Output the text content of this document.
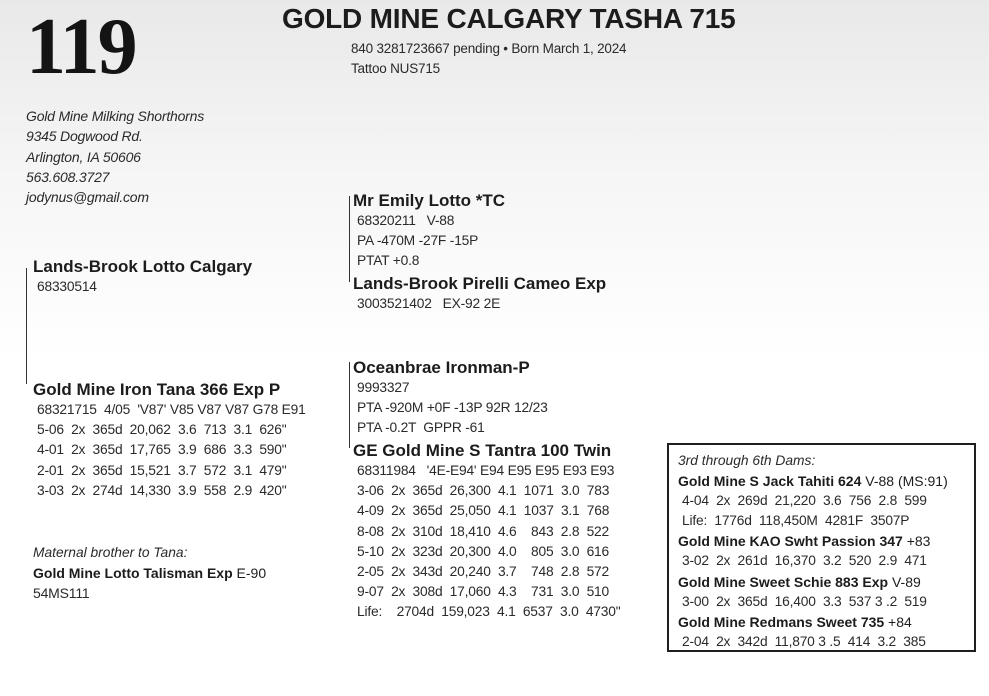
119	GOLD MINE CALGARY TASHA 715
840 3281723667 pending • Born March 1, 2024
Tattoo NUS715
Gold Mine Milking Shorthorns
9345 Dogwood Rd.
Arlington, IA 50606
563.608.3727
jodynus@gmail.com
Lands-Brook Lotto Calgary
68330514
Mr Emily Lotto *TC
68320211   V-88
PA -470M -27F -15P
PTAT +0.8
Lands-Brook Pirelli Cameo Exp
3003521402   EX-92 2E
Gold Mine Iron Tana 366 Exp P
68321715  4/05  'V87' V85 V87 V87 G78 E91
5-06  2x  365d  20,062  3.6  713  3.1  626"
4-01  2x  365d  17,765  3.9  686  3.3  590"
2-01  2x  365d  15,521  3.7  572  3.1  479"
3-03  2x  274d  14,330  3.9  558  2.9  420"
Oceanbrae Ironman-P
9993327
PTA -920M +0F -13P 92R 12/23
PTA -0.2T  GPPR -61
GE Gold Mine S Tantra 100 Twin
68311984   '4E-E94' E94 E95 E95 E93 E93
3-06  2x  365d  26,300  4.1  1071  3.0  783
4-09  2x  365d  25,050  4.1  1037  3.1  768
8-08  2x  310d  18,410  4.6    843  2.8  522
5-10  2x  323d  20,300  4.0    805  3.0  616
2-05  2x  343d  20,240  3.7    748  2.8  572
9-07  2x  308d  17,060  4.3    731  3.0  510
Life:    2704d  159,023  4.1  6537  3.0  4730"
Maternal brother to Tana:
Gold Mine Lotto Talisman Exp E-90
54MS111
3rd through 6th Dams:
Gold Mine S Jack Tahiti 624 V-88 (MS:91)
4-04  2x  269d  21,220  3.6  756  2.8  599
Life:  1776d  118,450M  4281F  3507P
Gold Mine KAO Swht Passion 347 +83
3-02  2x  261d  16,370  3.2  520  2.9  471
Gold Mine Sweet Schie 883 Exp V-89
3-00  2x  365d  16,400  3.3  537 3 .2  519
Gold Mine Redmans Sweet 735 +84
2-04  2x  342d  11,870 3 .5  414  3.2  385
